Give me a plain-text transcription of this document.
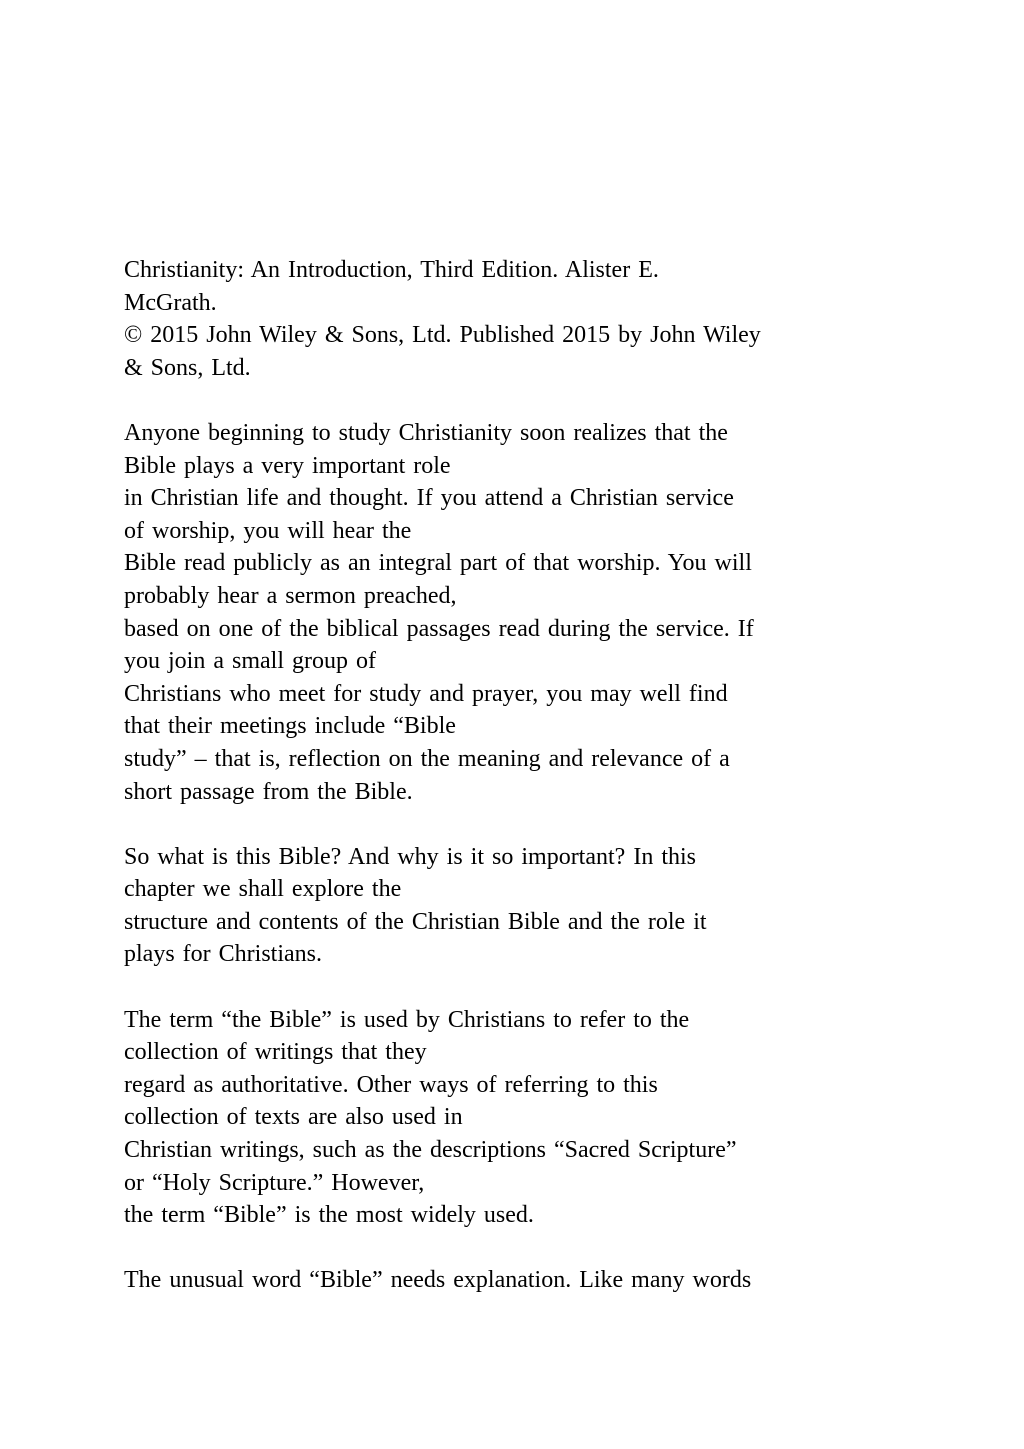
Christianity: An Introduction, Third Edition. Alister E.
McGrath.
© 2015 John Wiley & Sons, Ltd. Published 2015 by John Wiley
& Sons, Ltd.
Anyone beginning to study Christianity soon realizes that the
Bible plays a very important role
in Christian life and thought. If you attend a Christian service
of worship, you will hear the
Bible read publicly as an integral part of that worship. You will
probably hear a sermon preached,
based on one of the biblical passages read during the service. If
you join a small group of
Christians who meet for study and prayer, you may well find
that their meetings include “Bible
study” – that is, reflection on the meaning and relevance of a
short passage from the Bible.
So what is this Bible? And why is it so important? In this
chapter we shall explore the
structure and contents of the Christian Bible and the role it
plays for Christians.
The term “the Bible” is used by Christians to refer to the
collection of writings that they
regard as authoritative. Other ways of referring to this
collection of texts are also used in
Christian writings, such as the descriptions “Sacred Scripture”
or “Holy Scripture.” However,
the term “Bible” is the most widely used.
The unusual word “Bible” needs explanation. Like many words
